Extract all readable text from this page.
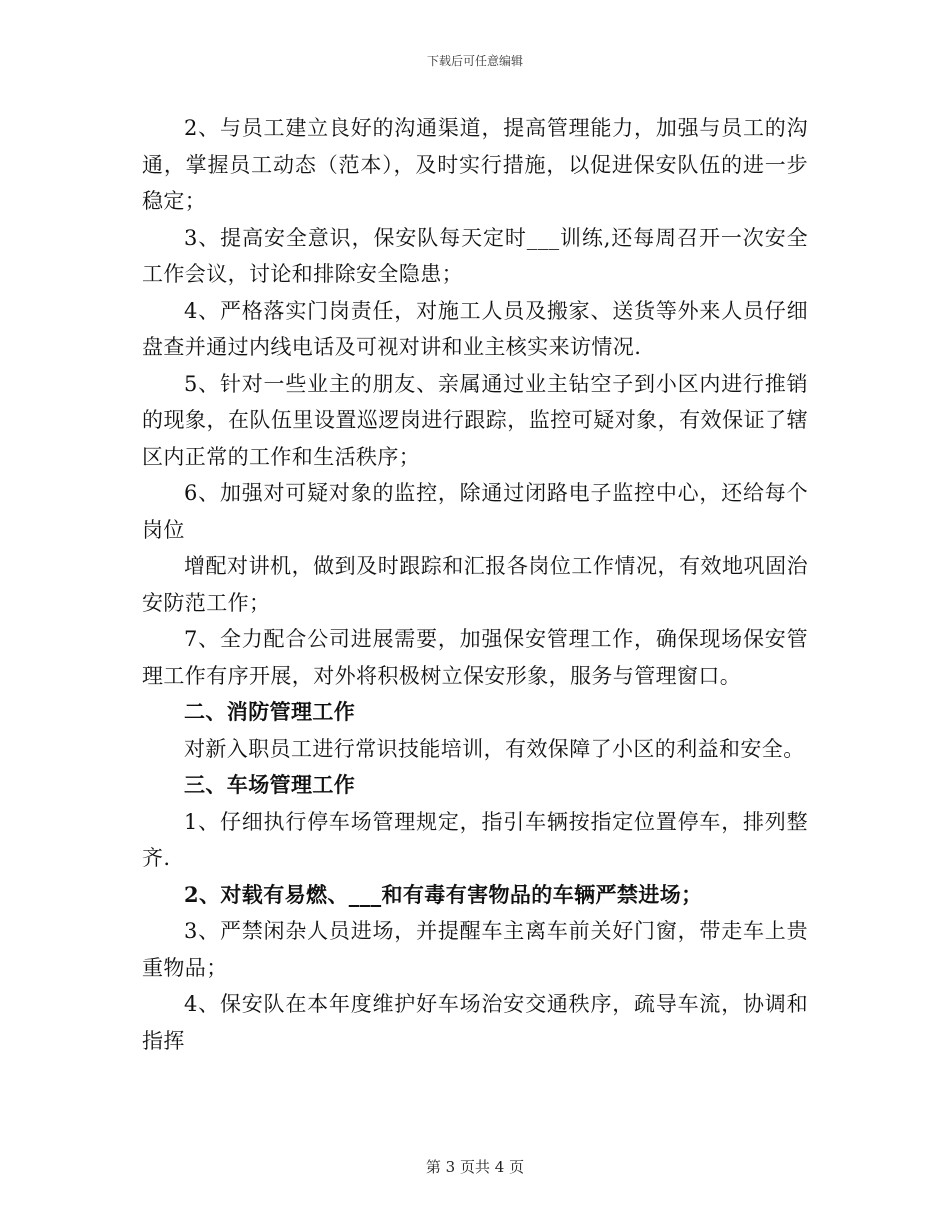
下载后可任意编辑

2、与员工建立良好的沟通渠道，提高管理能力，加强与员工的沟通，掌握员工动态（范本），及时实行措施，以促进保安队伍的进一步稳定；

3、提高安全意识，保安队每天定时___训练,还每周召开一次安全工作会议，讨论和排除安全隐患；

4、严格落实门岗责任，对施工人员及搬家、送货等外来人员仔细盘查并通过内线电话及可视对讲和业主核实来访情况.

5、针对一些业主的朋友、亲属通过业主钻空子到小区内进行推销的现象，在队伍里设置巡逻岗进行跟踪，监控可疑对象，有效保证了辖区内正常的工作和生活秩序；

6、加强对可疑对象的监控，除通过闭路电子监控中心，还给每个岗位

增配对讲机，做到及时跟踪和汇报各岗位工作情况，有效地巩固治安防范工作；

7、全力配合公司进展需要，加强保安管理工作，确保现场保安管理工作有序开展，对外将积极树立保安形象，服务与管理窗口。

二、消防管理工作

对新入职员工进行常识技能培训，有效保障了小区的利益和安全。

三、车场管理工作

1、仔细执行停车场管理规定，指引车辆按指定位置停车，排列整齐.

2、对载有易燃、___和有毒有害物品的车辆严禁进场；

3、严禁闲杂人员进场，并提醒车主离车前关好门窗，带走车上贵重物品；

4、保安队在本年度维护好车场治安交通秩序，疏导车流，协调和指挥

第 3 页共 4 页
